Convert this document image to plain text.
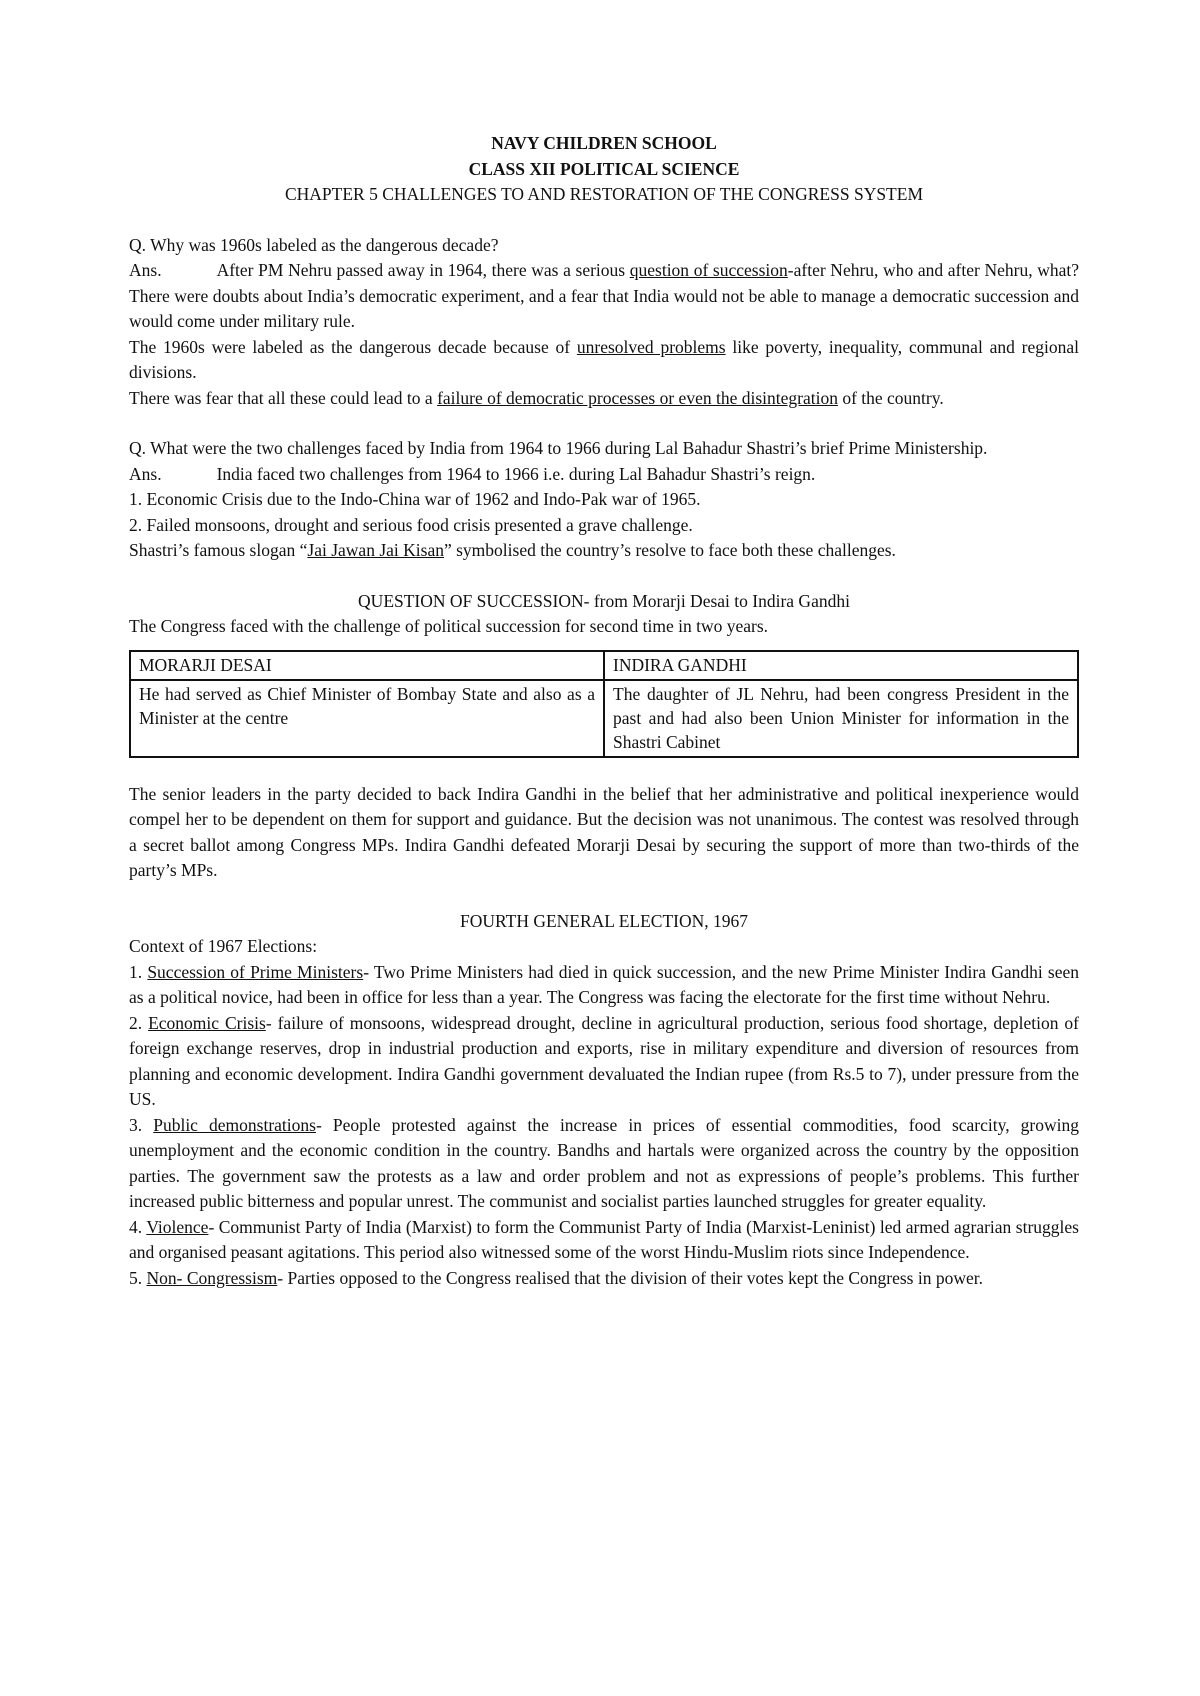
NAVY CHILDREN SCHOOL

CLASS XII POLITICAL SCIENCE

CHAPTER 5 CHALLENGES TO AND RESTORATION OF THE CONGRESS SYSTEM

Q. Why was 1960s labeled as the dangerous decade?

Ans.	After PM Nehru passed away in 1964, there was a serious question of succession-after Nehru, who and after Nehru, what? There were doubts about India’s democratic experiment, and a fear that India would not be able to manage a democratic succession and would come under military rule.

The 1960s were labeled as the dangerous decade because of unresolved problems like poverty, inequality, communal and regional divisions.

There was fear that all these could lead to a failure of democratic processes or even the disintegration of the country.

Q. What were the two challenges faced by India from 1964 to 1966 during Lal Bahadur Shastri’s brief Prime Ministership.

Ans.	India faced two challenges from 1964 to 1966 i.e. during Lal Bahadur Shastri’s reign.

1. Economic Crisis due to the Indo-China war of 1962 and Indo-Pak war of 1965.

2. Failed monsoons, drought and serious food crisis presented a grave challenge.

Shastri’s famous slogan “Jai Jawan Jai Kisan” symbolised the country’s resolve to face both these challenges.

QUESTION OF SUCCESSION- from Morarji Desai to Indira Gandhi

The Congress faced with the challenge of political succession for second time in two years.

MORARJI DESAI	INDIRA GANDHI
He had served as Chief Minister of Bombay State and also as a Minister at the centre	The daughter of JL Nehru, had been congress President in the past and had also been Union Minister for information in the Shastri Cabinet

The senior leaders in the party decided to back Indira Gandhi in the belief that her administrative and political inexperience would compel her to be dependent on them for support and guidance. But the decision was not unanimous. The contest was resolved through a secret ballot among Congress MPs. Indira Gandhi defeated Morarji Desai by securing the support of more than two-thirds of the party’s MPs.

FOURTH GENERAL ELECTION, 1967

Context of 1967 Elections:

1. Succession of Prime Ministers- Two Prime Ministers had died in quick succession, and the new Prime Minister Indira Gandhi seen as a political novice, had been in office for less than a year. The Congress was facing the electorate for the first time without Nehru.

2. Economic Crisis- failure of monsoons, widespread drought, decline in agricultural production, serious food shortage, depletion of foreign exchange reserves, drop in industrial production and exports, rise in military expenditure and diversion of resources from planning and economic development. Indira Gandhi government devaluated the Indian rupee (from Rs.5 to 7), under pressure from the US.

3. Public demonstrations- People protested against the increase in prices of essential commodities, food scarcity, growing unemployment and the economic condition in the country. Bandhs and hartals were organized across the country by the opposition parties. The government saw the protests as a law and order problem and not as expressions of people’s problems. This further increased public bitterness and popular unrest. The communist and socialist parties launched struggles for greater equality.

4. Violence- Communist Party of India (Marxist) to form the Communist Party of India (Marxist-Leninist) led armed agrarian struggles and organised peasant agitations. This period also witnessed some of the worst Hindu-Muslim riots since Independence.

5. Non- Congressism- Parties opposed to the Congress realised that the division of their votes kept the Congress in power.
